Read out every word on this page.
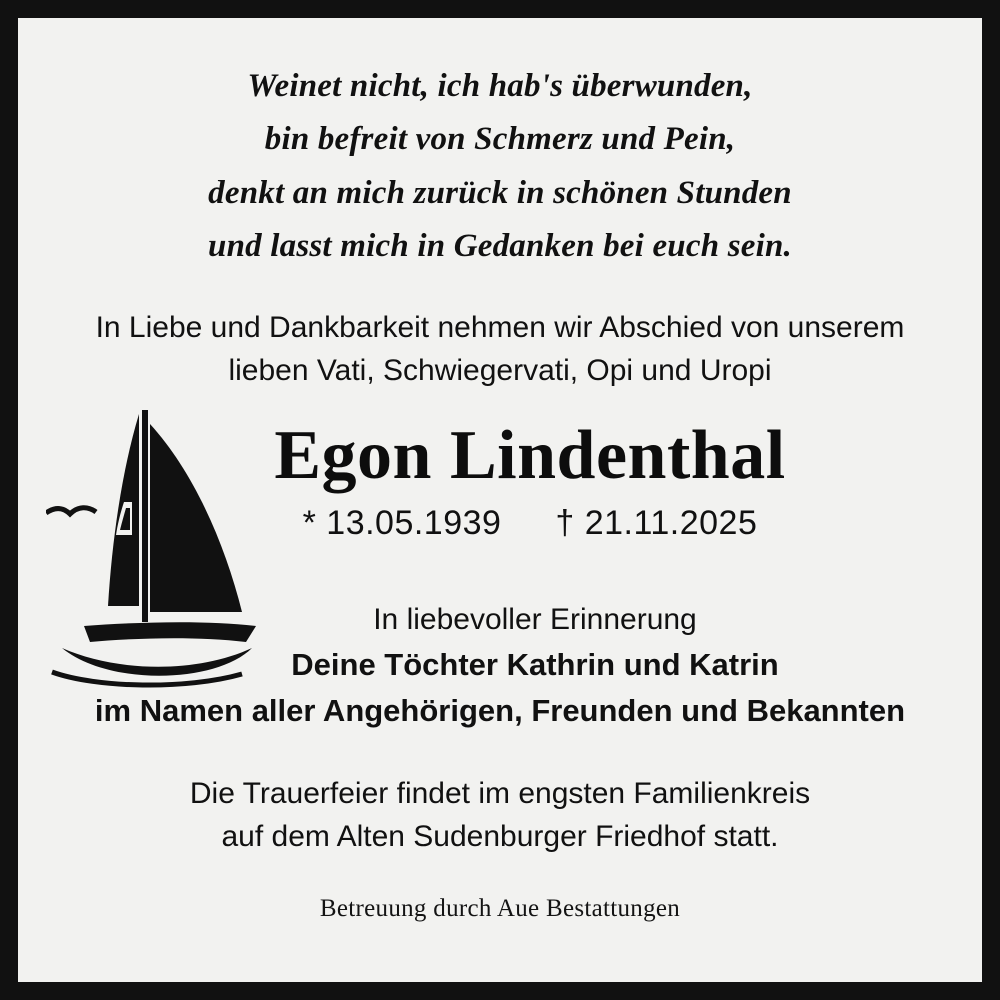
Weinet nicht, ich hab's überwunden,
bin befreit von Schmerz und Pein,
denkt an mich zurück in schönen Stunden
und lasst mich in Gedanken bei euch sein.
In Liebe und Dankbarkeit nehmen wir Abschied von unserem
lieben Vati, Schwiegervati, Opi und Uropi
Egon Lindenthal
* 13.05.1939 † 21.11.2025
In liebevoller Erinnerung
Deine Töchter Kathrin und Katrin
im Namen aller Angehörigen, Freunden und Bekannten
Die Trauerfeier findet im engsten Familienkreis
auf dem Alten Sudenburger Friedhof statt.
Betreuung durch Aue Bestattungen
